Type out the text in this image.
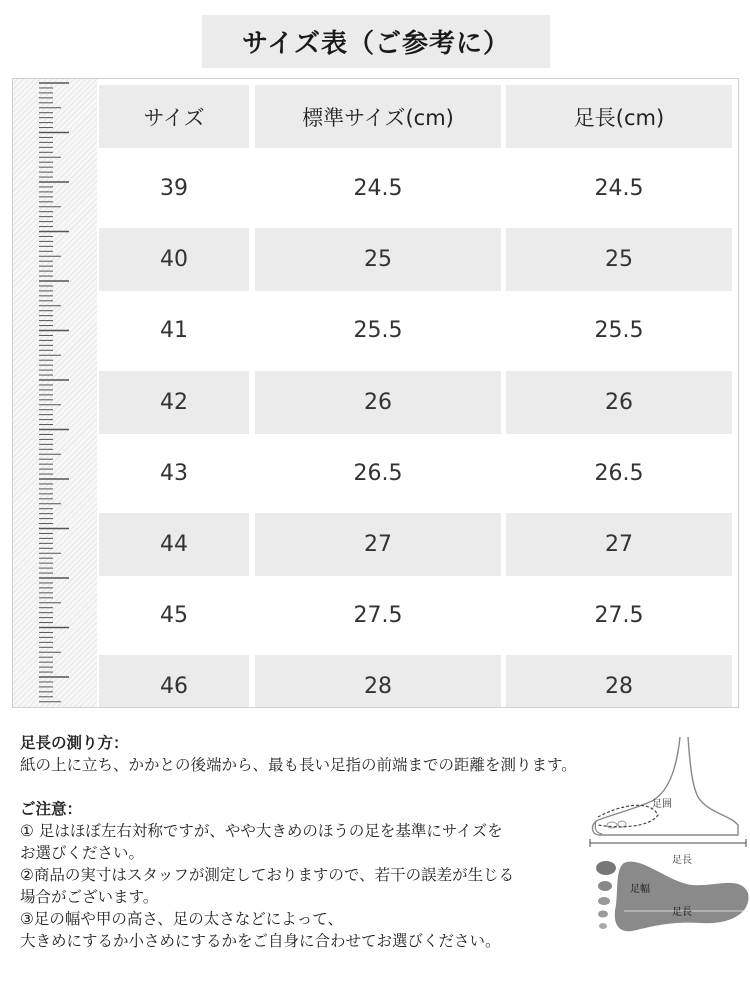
サイズ表（ご参考に）
サイズ	標準サイズ(cm)	足長(cm)
39	24.5	24.5
40	25	25
41	25.5	25.5
42	26	26
43	26.5	26.5
44	27	27
45	27.5	27.5
46	28	28

足長の測り方：

紙の上に立ち、かかとの後端から、最も長い足指の前端までの距離を測ります。

ご注意：

① 足はほぼ左右対称ですが、やや大きめのほうの足を基準にサイズを

お選びください。

②商品の実寸はスタッフが測定しておりますので、若干の誤差が生じる

場合がございます。

③足の幅や甲の高さ、足の太さなどによって、

大きめにするか小さめにするかをご自身に合わせてお選びください。

足囲
足長
足幅
足長
